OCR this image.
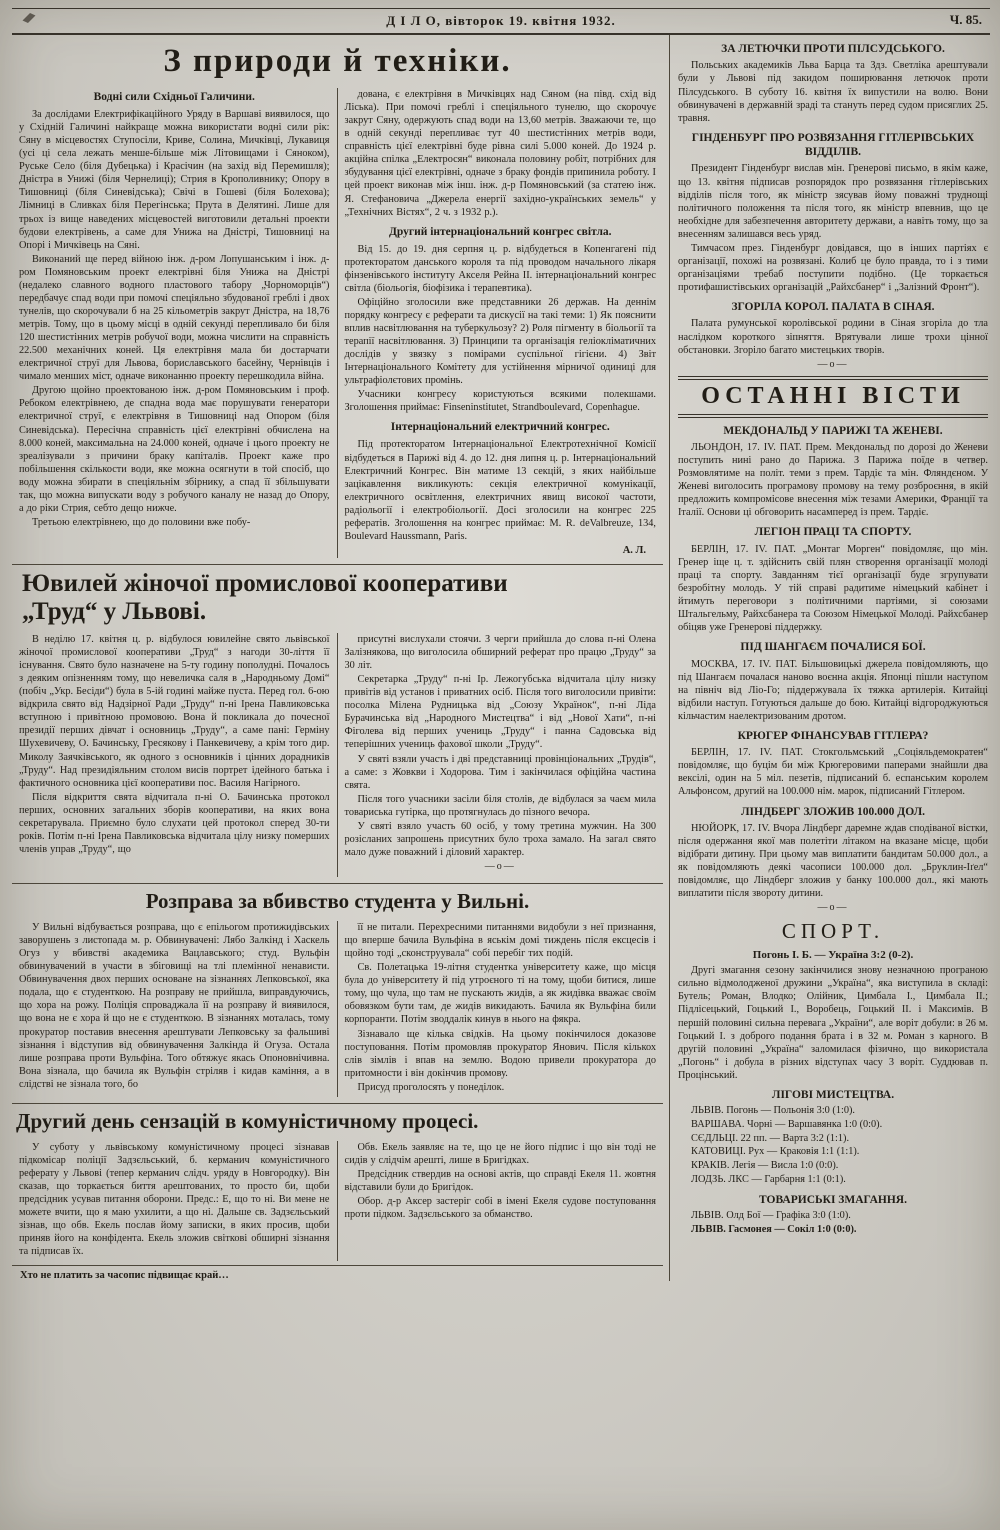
Д І Л О, вівторок 19. квітня 1932.	Ч. 85.
З природи й техніки.
Водні сили Східньої Галичини.

За дослідами Електрифікаційного Уряду в Варшаві виявилося, що у Східній Галичині найкраще можна використати водні сили рік: Сяну в місцевостях Ступосіли, Криве, Солина, Мичківці, Лукавиця (усі ці села лежать менше-більше між Літовищами і Сяноком), Руське Село (біля Дубецька) і Красічин (на захід від Перемишля); Дністра в Унижі (біля Чернелиці); Стрия в Крополивнику; Опору в Тишовниці (біля Синевідська); Свічі в Гошеві (біля Болехова); Лімниці в Сливках біля Перегінська; Прута в Делятині. Лише для трьох із вище наведених місцевостей виготовили детальні проекти будови електрівень, а саме для Унижа на Дністрі, Тишовниці на Опорі і Мичківець на Сяні.

Виконаний ще перед війною інж. д-ром Лопушанським і інж. д-ром Помяновським проект електрівні біля Унижа на Дністрі (недалеко славного водного пластового табору „Чорноморців“) передбачує спад води при помочі спеціяльно збудованої греблі і двох тунелів, що скорочували б на 25 кільометрів закрут Дністра, на 18,76 метрів. Тому, що в цьому місці в одній секунді перепливало би біля 120 шестистінних метрів робучої води, можна числити на справність 22.500 механічних коней. Ця електрівня мала би достарчати електричної струї для Львова, бориславського басейну, Чернівців і чимало менших міст, одначе виконанню проекту перешкодила війна.

Другою щойно проектованою інж. д-ром Помяновським і проф. Ребоком електрівнею, де спадна вода має порушувати генератори електричної струї, є електрівня в Тишовниці над Опором (біля Синевідська). Пересічна справність цієї електрівні обчислена на 8.000 коней, максимальна на 24.000 коней, одначе і цього проекту не зреалізували з причини браку капіталів. Проект каже про побільшення скількости води, яке можна осягнути в той спосіб, що воду можна збирати в спеціяльнім збірнику, а спад її збільшувати так, що можна випускати воду з робучого каналу не назад до Опору, а до ріки Стрия, себто дещо нижче.

Третьою електрівнею, що до половини вже побу-

дована, є електрівня в Мичківцях над Сяном (на півд. схід від Ліська). При помочі греблі і спеціяльного тунелю, що скорочує закрут Сяну, одержують спад води на 13,60 метрів. Зважаючи те, що в одній секунді перепливає тут 40 шестистінних метрів води, справність цієї електрівні буде рівна силі 5.000 коней. До 1924 р. акційна спілка „Електросян“ виконала половину робіт, потрібних для збудування цієї електрівні, одначе з браку фондів припинила роботу. І цей проект виконав між інш. інж. д-р Помяновський (за статею інж. Я. Стефановича „Джерела енергії західно-українських земель“ у „Технічних Вістях“, 2 ч. з 1932 р.).

Другий інтернаціональний конгрес світла.

Від 15. до 19. дня серпня ц. р. відбудеться в Копенгагені під протекторатом данського короля та під проводом начального лікаря фінзенівського інституту Акселя Рейна ІІ. інтернаціональний конгрес світла (біольогія, біофізика і терапевтика).

Офіційно зголосили вже представники 26 держав. На деннім порядку конгресу є реферати та дискусії на такі теми: 1) Як пояснити вплив насвітлювання на туберкульозу? 2) Роля пігменту в біольогії та терапії насвітлювання. 3) Принципи та організація геліокліматичних дослідів у звязку з помірами суспільної гігієни. 4) Звіт Інтернаціонального Комітету для устійнення мірничої одиниці для ультрафіолєтових промінь.

Учасники конгресу користуються всякими полекшами. Зголошення приймає: Finseninstitutet, Strandboulevard, Copenhague.

Інтернаціональний електричний конгрес.

Під протекторатом Інтернаціональної Електротехнічної Комісії відбудеться в Парижі від 4. до 12. дня липня ц. р. Інтернаціональний Електричний Конгрес. Він матиме 13 секцій, з яких найбільше зацікавлення викликують: секція електричної комунікації, електричного освітлення, електричних явищ високої частоти, радіольогії і електробіольогії. Досі зголосили на конгрес 225 рефератів. Зголошення на конгрес приймає: M. R. deValbreuze, 134, Boulevard Haussmann, Paris.

А. Л.
Ювилей жіночої промислової кооперативи
„Труд“ у Львові.

В неділю 17. квітня ц. р. відбулося ювилейне свято львівської жіночої промислової кооперативи „Труд“ з нагоди 30-ліття її існування. Свято було назначене на 5-ту годину пополудні. Почалось з деяким опізненням тому, що невеличка саля в „Народньому Домі“ (побіч „Укр. Бесіди“) була в 5-ій годині майже пуста. Перед гол. 6-ою відкрила свято від Надзірної Ради „Труду“ п-ні Ірена Павликовська вступною і привітною промовою. Вона й покликала до почесної президії перших дівчат і основниць „Труду“, а саме пані: Герміну Шухевичеву, О. Бачинську, Гресякову і Панкевичеву, а крім того дир. Миколу Заячківського, як одного з основників і цінних дорадників „Труду“. Над президіяльним столом висів портрет ідейного батька і фактичного основника цієї кооперативи пос. Василя Нагірного.

Після відкриття свята відчитала п-ні О. Бачинська протокол перших, основних загальних зборів кооперативи, на яких вона секретарувала. Приємно було слухати цей протокол сперед 30-ти років. Потім п-ні Ірена Павликовська відчитала цілу низку померших членів управ „Труду“, що

присутні вислухали стоячи. З черги прийшла до слова п-ні Олена Залізнякова, що виголосила обширний реферат про працю „Труду“ за 30 літ.

Секретарка „Труду“ п-ні Ір. Лежогубська відчитала цілу низку привітів від установ і приватних осіб. Після того виголосили привіти: посолка Мілена Рудницька від „Союзу Українок“, п-ні Ліда Бурачинська від „Народного Мистецтва“ і від „Нової Хати“, п-ні Фіголева від перших учениць „Труду“ і панна Садовська від теперішних учениць фахової школи „Труду“.

У святі взяли участь і дві представниці провінціональних „Трудів“, а саме: з Жовкви і Ходорова. Тим і закінчилася офіційна частина свята.

Після того учасники засіли біля столів, де відбулася за чаєм мила товариська гутірка, що протягнулась до пізного вечора.

У святі взяло участь 60 осіб, у тому третина мужчин. На 300 розісланих запрошень присутних було троха замало. На загал свято мало дуже поважний і діловий характер.

—о—
Розправа за вбивство студента у Вильні.

У Вильні відбувається розправа, що є епільогом протижидівських заворушень з листопада м. р. Обвинувачені: Лябо Залкінд і Хаскель Огуз у вбивстві академика Вацлавського; студ. Вульфін обвинувачений в участи в збіговищі на тлі племінної ненависти. Обвинувачення двох перших основане на зізнаннях Лепковської, яка подала, що є студенткою. На розправу не прийшла, виправдуючись, що хора на рожу. Поліція спроваджала її на розправу й виявилося, що вона не є хора й що не є студенткою. В зізнаннях моталась, тому прокуратор поставив внесення арештувати Лепковську за фальшиві зізнання і відступив від обвинувачення Залкінда й Огуза. Остала лише розправа проти Вульфіна. Того обтяжує якась Опоновнічивна. Вона зізнала, що бачила як Вульфін стріляв і кидав каміння, а в слідстві не зізнала того, бо

її не питали. Перехресними питаннями видобули з неї признання, що вперше бачила Вульфіна в яськім домі тиждень після ексцесів і щойно тоді „сконструувала“ собі перебіг тих подій.

Св. Полетацька 19-літня студентка університету каже, що місця була до університету й під утроєного ті на тому, щоби битися, лише тому, що чула, що там не пускають жидів, а як жидівка вважає своїм обовязком бути там, де жидів викидають. Бачила як Вульфіна били корпоранти. Потім зводдалік кинув в нього на фякра.

Зізнавало ще кілька свідків. На цьому покінчилося доказове поступовання. Потім промовляв прокуратор Янович. Після кількох слів зімлів і впав на землю. Водою привели прокуратора до притомности і він докінчив промову.

Присуд проголосять у понеділок.

Другий день сензацій в комуністичному процесі.

У суботу у львівському комуністичному процесі зізнавав підкомісар поліції Задзєльський, б. керманич комуністичного реферату у Львові (тепер керманич слідч. уряду в Новгородку). Він сказав, що торкається биття арештованих, то просто би, щоби предсідник усував питання оборони. Предс.: Е, що то ні. Ви мене не можете вчити, що я маю ухилити, а що ні. Дальше св. Задзєльський зізнав, що обв. Екель послав йому записки, в яких просив, щоби приняв його на конфідента. Екель зложив світкові обширні зізнання та підписав їх.

Обв. Екель заявляє на те, що це не його підпис і що він тоді не сидів у слідчім арешті, лише в Бригідках.

Предсідник ствердив на основі актів, що справді Екеля 11. жовтня відставили були до Бригідок.

Обор. д-р Аксер застеріг собі в імені Екеля судове поступовання проти підком. Задзєльського за обманство.

Хто не платить за часопис підвищає край…
ЗА ЛЕТЮЧКИ ПРОТИ ПІЛСУДСЬКОГО.

Польських академиків Льва Барца та Здз. Светліка арештували були у Львові під закидом поширювання летючок проти Пілсудського. В суботу 16. квітня їх випустили на волю. Вони обвинувачені в державній зраді та стануть перед судом присяглих 25. травня.

ГІНДЕНБУРГ ПРО РОЗВЯЗАННЯ ГІТЛЕРІВСЬКИХ ВІДДІЛІВ.

Президент Гінденбург вислав мін. Гренерові письмо, в якім каже, що 13. квітня підписав розпорядок про розвязання гітлерівських відділів після того, як міністр зясував йому поважні труднощі політичного положення та після того, як міністр впевнив, що це необхідне для забезпечення авторитету держави, а навіть тому, що за внесенням залишався весь уряд.

Тимчасом през. Гінденбург довідався, що в інших партіях є організації, похожі на розвязані. Колиб це було правда, то і з тими організаціями требаб поступити подібно. (Це торкається протифашистівських організацій „Райхсбанер“ і „Залізний Фронт“).

ЗГОРІЛА КОРОЛ. ПАЛАТА В СІНАЯ.

Палата румунської королівської родини в Сіная згоріла до тла наслідком короткого зіпняття. Врятували лише трохи цінної обстановки. Згоріло багато мистецьких творів.

—о—
ОСТАННІ ВІСТИ
МЕКДОНАЛЬД У ПАРИЖІ ТА ЖЕНЕВІ.

ЛЬОНДОН, 17. IV. ПАТ. Прем. Мекдональд по дорозі до Женеви поступить нині рано до Парижа. З Парижа поїде в четвер. Розмовлятиме на політ. теми з прем. Тардіє та мін. Фляндєном. У Женеві виголосить програмову промову на тему розброєння, в якій предложить компромісове внесення між тезами Америки, Франції та Італії. Основи ці обговорить насамперед із прем. Тардіє.

ЛЕГІОН ПРАЦІ ТА СПОРТУ.

БЕРЛІН, 17. IV. ПАТ. „Монтаг Морген“ повідомляє, що мін. Гренер іще ц. т. здійснить свій плян створення організації молоді праці та спорту. Завданням тієї організації буде згрупувати безробітну молодь. У тій справі радитиме німецький кабінет і йтимуть переговори з політичними партіями, зі союзами Штальгельму, Райхсбанера та Союзом Німецької Молоді. Райхсбанер обіцяв уже Гренерові піддержку.

ПІД ШАНГАЄМ ПОЧАЛИСЯ БОЇ.

МОСКВА, 17. IV. ПАТ. Більшовицькі джерела повідомляють, що під Шангаєм почалася наново воєнна акція. Японці пішли наступом на північ від Ліо-Го; піддержувала їх тяжка артилерія. Китайці відбили наступ. Готуються дальше до бою. Китайці відгороджуються кільчастим наелектризованим дротом.

КРЮГЕР ФІНАНСУВАВ ГІТЛЕРА?

БЕРЛІН, 17. IV. ПАТ. Стокгольмський „Соціяльдемократен“ повідомляє, що буцім би між Крюгеровими паперами знайшли два вексілі, один на 5 міл. пезетів, підписаний б. еспанським королем Альфонсом, другий на 100.000 нім. марок, підписаний Гітлером.

ЛІНДБЕРГ ЗЛОЖИВ 100.000 ДОЛ.

НЮЙОРК, 17. IV. Вчора Ліндберг даремне ждав сподіваної вістки, після одержання якої мав полетіти літаком на вказане місце, щоби відібрати дитину. При цьому мав виплатити бандитам 50.000 дол., а як повідомляють деякі часописи 100.000 дол. „Бруклин-Іґел“ повідомляє, що Ліндберг зложив у банку 100.000 дол., які мають виплатити після звороту дитини.

—о—
СПОРТ.
Погонь І. Б. — Україна 3:2 (0-2).

Другі змагання сезону закінчилися знову незначною програною сильно відмолодженої дружини „Україна“, яка виступила в складі: Бутель; Роман, Влодко; Олійник, Цимбала І., Цимбала ІІ.; Підлісецький, Гоцький І., Воробець, Гоцький ІІ. і Максимів. В першій половині сильна перевага „України“, але воріт добули: в 26 м. Гоцький І. з доброго подання брата і в 32 м. Роман з карного. В другій половині „Україна“ заломилася фізично, що використала „Погонь“ і добула в різних відступах часу 3 воріт. Суддював п. Процінський.

ЛІГОВІ МИСТЕЦТВА.
ЛЬВІВ. Погонь — Польонія 3:0 (1:0).
ВАРШАВА. Чорні — Варшавянка 1:0 (0:0).
СЄДЛЬЦІ. 22 пп. — Варта 3:2 (1:1).
КАТОВИЦІ. Рух — Краковія 1:1 (1:1).
КРАКІВ. Легія — Висла 1:0 (0:0).
ЛОДЗЬ. ЛКС — Гарбарня 1:1 (0:1).
ТОВАРИСЬКІ ЗМАГАННЯ.
ЛЬВІВ. Олд Бої — Графіка 3:0 (1:0).
ЛЬВІВ. Гасмонея — Сокіл 1:0 (0:0).
